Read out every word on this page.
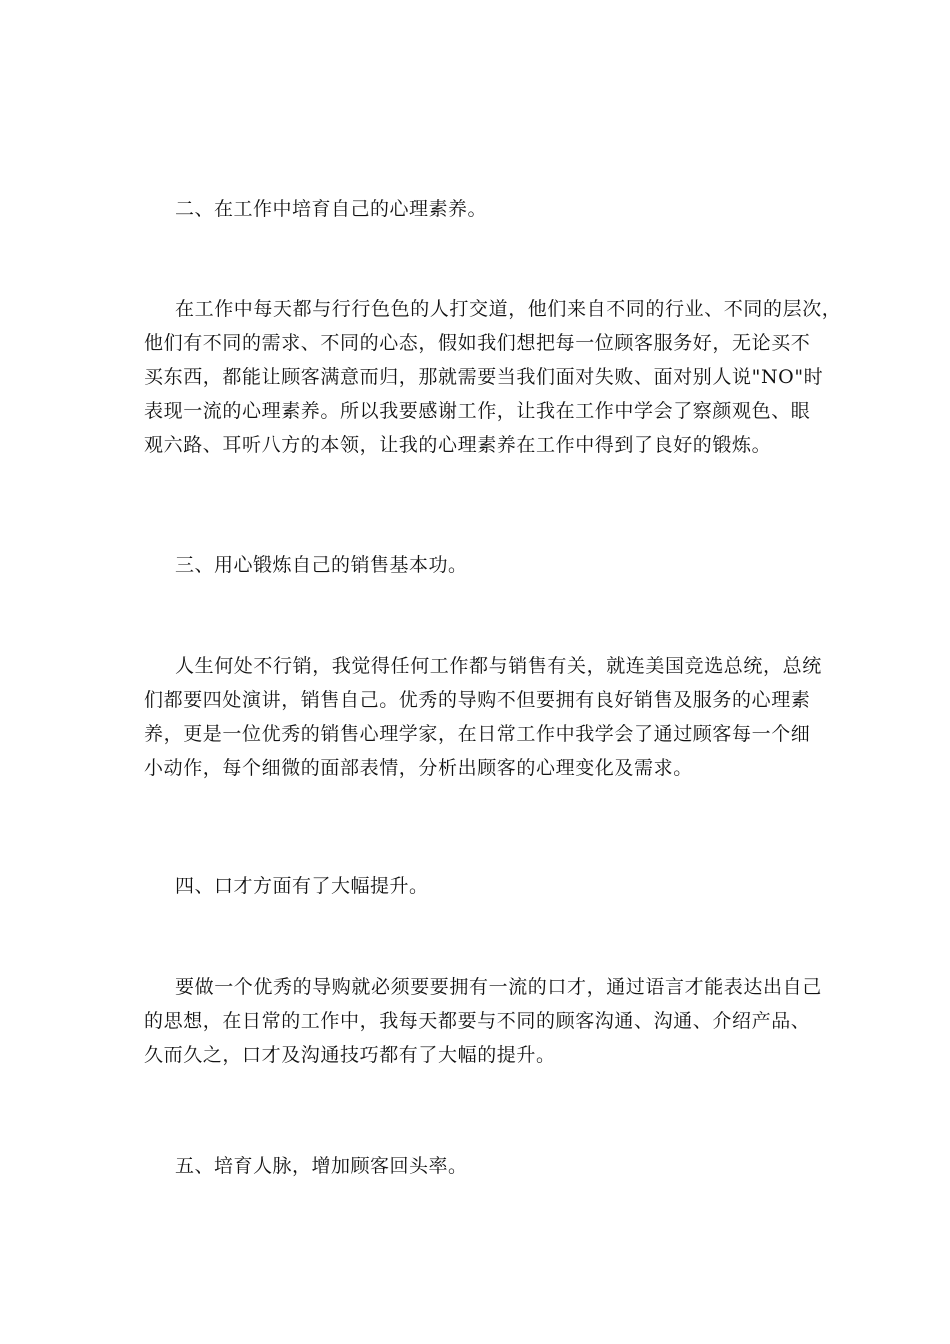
二、在工作中培育自己的心理素养。
在工作中每天都与行行色色的人打交道，他们来自不同的行业、不同的层次，
他们有不同的需求、不同的心态，假如我们想把每一位顾客服务好，无论买不
买东西，都能让顾客满意而归，那就需要当我们面对失败、面对别人说"NO"时
表现一流的心理素养。所以我要感谢工作，让我在工作中学会了察颜观色、眼
观六路、耳听八方的本领，让我的心理素养在工作中得到了良好的锻炼。
三、用心锻炼自己的销售基本功。
人生何处不行销，我觉得任何工作都与销售有关，就连美国竞选总统，总统
们都要四处演讲，销售自己。优秀的导购不但要拥有良好销售及服务的心理素
养，更是一位优秀的销售心理学家，在日常工作中我学会了通过顾客每一个细
小动作，每个细微的面部表情，分析出顾客的心理变化及需求。
四、口才方面有了大幅提升。
要做一个优秀的导购就必须要要拥有一流的口才，通过语言才能表达出自己
的思想，在日常的工作中，我每天都要与不同的顾客沟通、沟通、介绍产品、
久而久之，口才及沟通技巧都有了大幅的提升。
五、培育人脉，增加顾客回头率。
